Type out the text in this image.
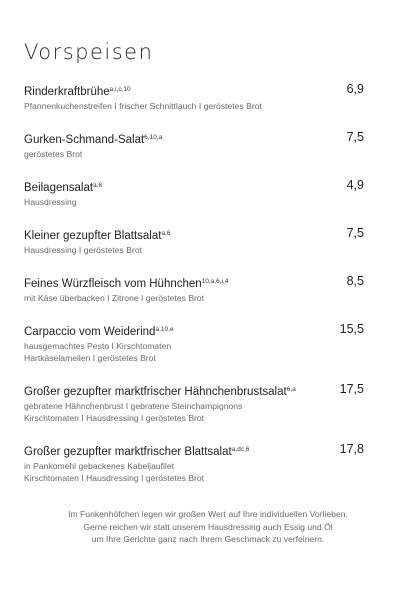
Vorspeisen
Rinderkraftbrühe$^{a,i,c,10}$	6,9
Pfannenkuchenstreifen I frischer Schnittlauch I geröstetes Brot
Gurken-Schmand-Salat$^{6,10,a}$	7,5
geröstetes Brot
Beilagensalat$^{a,6}$	4,9
Hausdressing
Kleiner gezupfter Blattsalat$^{a,6}$	7,5
Hausdressing I geröstetes Brot
Feines Würzfleisch vom Hühnchen$^{10,a,6,i,4}$	8,5
mit Käse überbacken I Zitrone I geröstetes Brot
Carpaccio vom Weiderind$^{a,10,e}$	15,5
hausgemachtes Pesto I Kirschtomaten
Hartkäselamellen I geröstetes Brot
Großer gezupfter marktfrischer Hähnchenbrustsalat$^{6,a}$	17,5
gebratene Hähnchenbrust I gebratene Steinchampignons
Kirschtomaten I Hausdressing I geröstetes Brot
Großer gezupfter marktfrischer Blattsalat$^{a,dc,6}$	17,8
in Pankomehl gebackenes Kabeljaufilet
Kirschtomaten I Hausdressing I geröstetes Brot
Im Funkenhöfchen legen wir großen Wert auf Ihre individuellen Vorlieben.
Gerne reichen wir statt unserem Hausdressing auch Essig und Öl
um Ihre Gerichte ganz nach Ihrem Geschmack zu verfeinern.
